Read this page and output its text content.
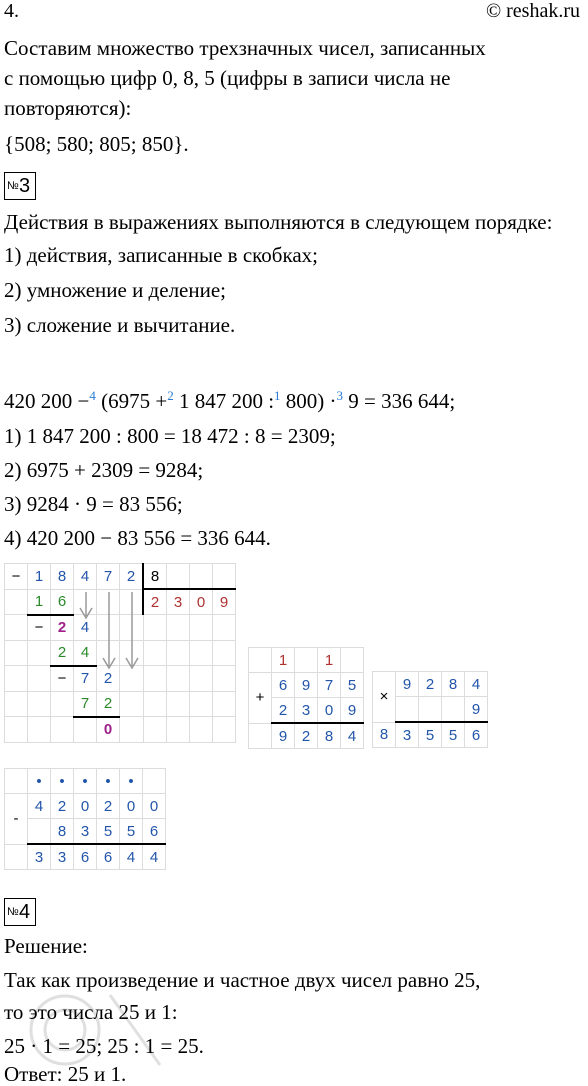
4.	© reshak.ru
Составим множество трехзначных чисел, записанных
с помощью цифр 0, 8, 5 (цифры в записи числа не
повторяются):
{508; 580; 805; 850}.
№ 3
Действия в выражениях выполняются в следующем порядке:
1) действия, записанные в скобках;
2) умножение и деление;
3) сложение и вычитание.
420 200 −$^4$ (6975 +$^2$ 1 847 200 :$^1$ 800) ·$^3$ 9 = 336 644;
1) 1 847 200 : 800 = 18 472 : 8 = 2309;
2) 6975 + 2309 = 9284;
3) 9284 · 9 = 83 556;
4) 420 200 − 83 556 = 336 644.
−	1	8	4	7	2	8			
	1	6				2	3	0	9
	−	2	4						
		2	4						
		−	7	2					
			7	2					
				0					
	1		1	
+	6	9	7	5
	2	3	0	9
	9	2	8	4
×	9	2	8	4
				9
8	3	5	5	6
	•	•	•	•	•	
-	4	2	0	2	0	0
		8	3	5	5	6
	3	3	6	6	4	4
№ 4
Решение:
Так как произведение и частное двух чисел равно 25,
то это числа 25 и 1:
25 · 1 = 25; 25 : 1 = 25.
Ответ: 25 и 1.
